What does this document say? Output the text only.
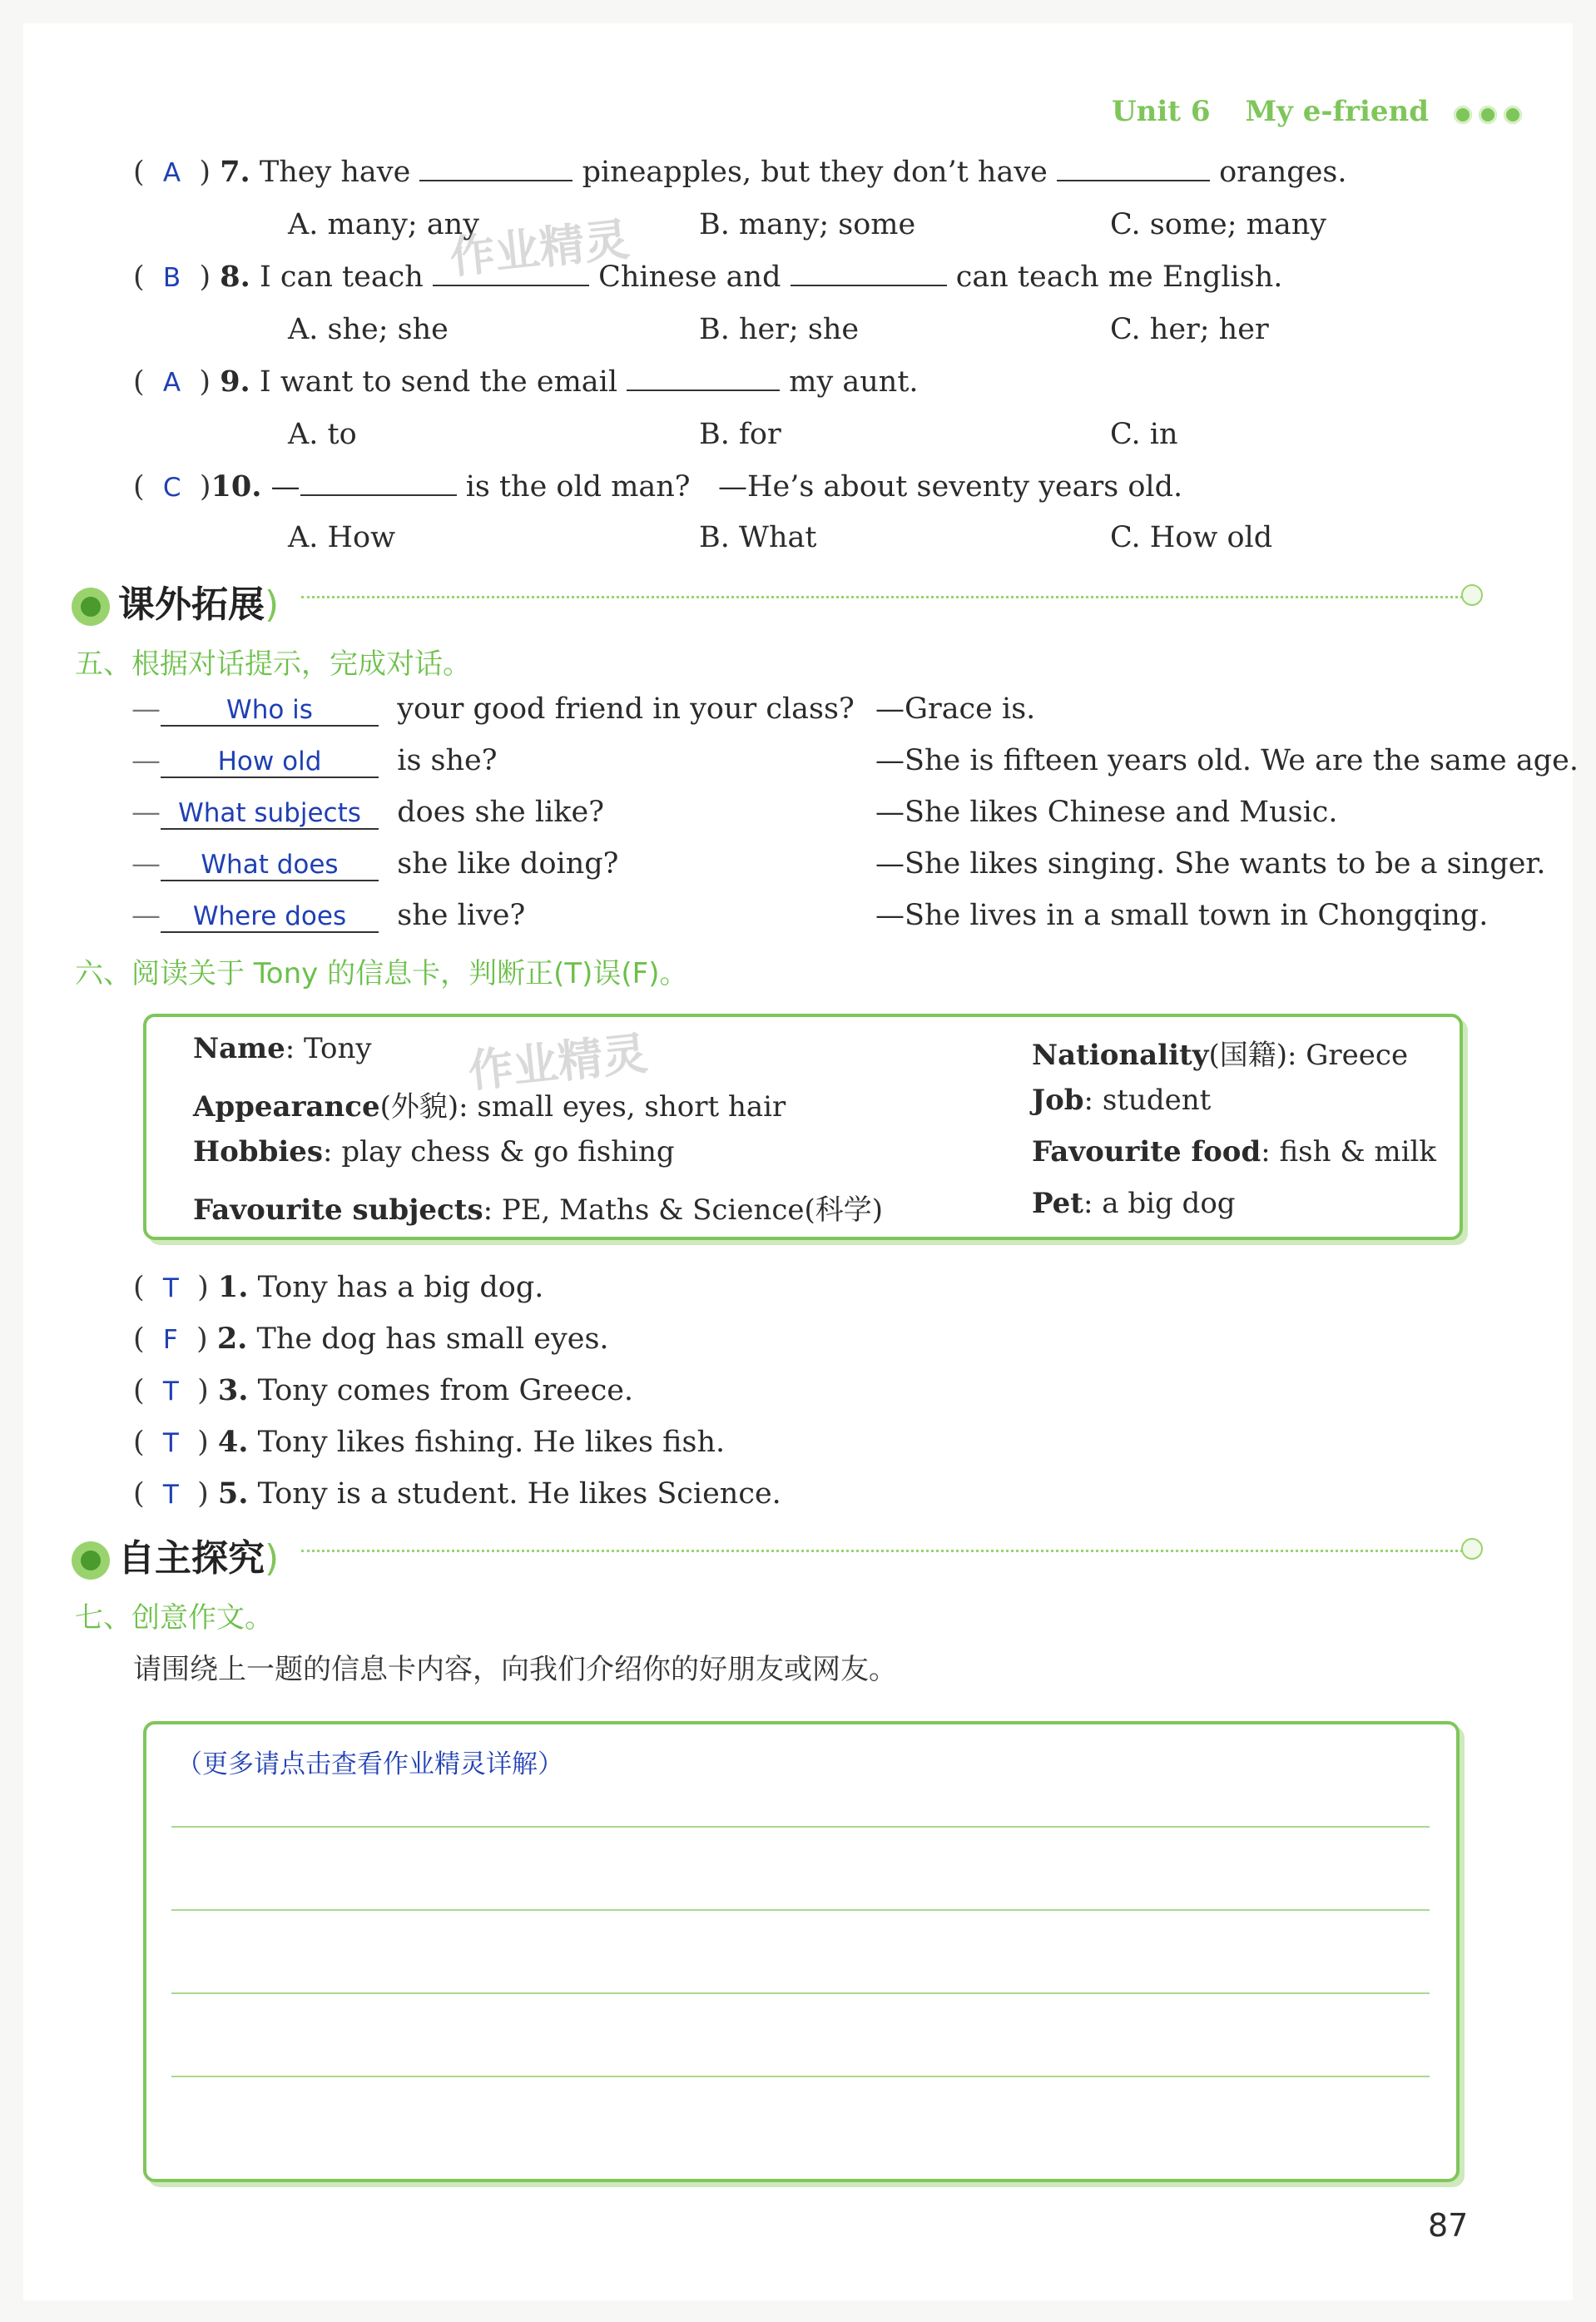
Unit 6 My e-friend
( A ) 7. They have	pineapples, but they don’t have	oranges.
A. many; any	B. many; some	C. some; many
( B ) 8. I can teach	Chinese and	can teach me English.
A. she; she	B. her; she	C. her; her
( A ) 9. I want to send the email	my aunt.
A. to	B. for	C. in
( C )10. —	is the old man? —He’s about seventy years old.
A. How	B. What	C. How old
作业精灵
课外拓展)
五、根据对话提示，完成对话。
—	Who is	your good friend in your class? —Grace is.
— How old	is she?	—She is fifteen years old. We are the same age.
— What subjects does she like?	—She likes Chinese and Music.
— What does she like doing?	—She likes singing. She wants to be a singer.
— Where does she live?	—She lives in a small town in Chongqing.
六、阅读关于 Tony 的信息卡，判断正(T)误(F)。
Name: Tony
Appearance(外貌): small eyes, short hair
Hobbies: play chess & go fishing
Favourite subjects: PE, Maths & Science(科学)
Nationality(国籍): Greece
Job: student
Favourite food: fish & milk
Pet: a big dog
作业精灵
( T ) 1. Tony has a big dog.
( F ) 2. The dog has small eyes.
( T ) 3. Tony comes from Greece.
( T ) 4. Tony likes fishing. He likes fish.
( T ) 5. Tony is a student. He likes Science.
自主探究)
七、创意作文。
请围绕上一题的信息卡内容，向我们介绍你的好朋友或网友。
（更多请点击查看作业精灵详解）
87
